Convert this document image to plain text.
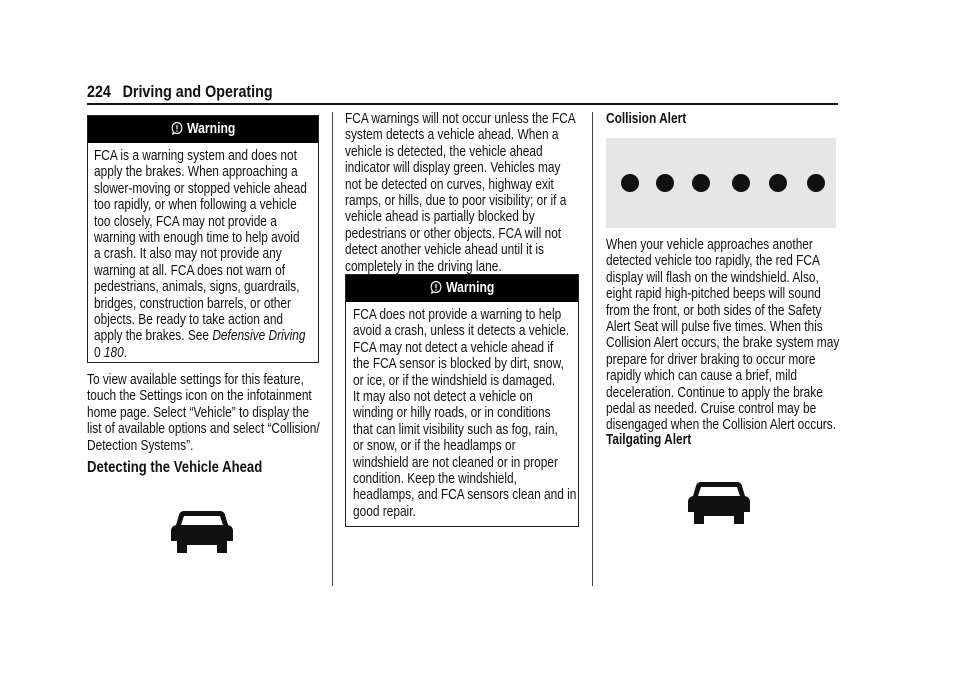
224 Driving and Operating
Warning
FCA is a warning system and does not
apply the brakes. When approaching a
slower-moving or stopped vehicle ahead
too rapidly, or when following a vehicle
too closely, FCA may not provide a
warning with enough time to help avoid
a crash. It also may not provide any
warning at all. FCA does not warn of
pedestrians, animals, signs, guardrails,
bridges, construction barrels, or other
objects. Be ready to take action and
apply the brakes. See Defensive Driving
0 180.
To view available settings for this feature,
touch the Settings icon on the infotainment
home page. Select “Vehicle” to display the
list of available options and select “Collision/
Detection Systems”.
Detecting the Vehicle Ahead
FCA warnings will not occur unless the FCA
system detects a vehicle ahead. When a
vehicle is detected, the vehicle ahead
indicator will display green. Vehicles may
not be detected on curves, highway exit
ramps, or hills, due to poor visibility; or if a
vehicle ahead is partially blocked by
pedestrians or other objects. FCA will not
detect another vehicle ahead until it is
completely in the driving lane.
Warning
FCA does not provide a warning to help
avoid a crash, unless it detects a vehicle.
FCA may not detect a vehicle ahead if
the FCA sensor is blocked by dirt, snow,
or ice, or if the windshield is damaged.
It may also not detect a vehicle on
winding or hilly roads, or in conditions
that can limit visibility such as fog, rain,
or snow, or if the headlamps or
windshield are not cleaned or in proper
condition. Keep the windshield,
headlamps, and FCA sensors clean and in
good repair.
Collision Alert
When your vehicle approaches another
detected vehicle too rapidly, the red FCA
display will flash on the windshield. Also,
eight rapid high-pitched beeps will sound
from the front, or both sides of the Safety
Alert Seat will pulse five times. When this
Collision Alert occurs, the brake system may
prepare for driver braking to occur more
rapidly which can cause a brief, mild
deceleration. Continue to apply the brake
pedal as needed. Cruise control may be
disengaged when the Collision Alert occurs.
Tailgating Alert
